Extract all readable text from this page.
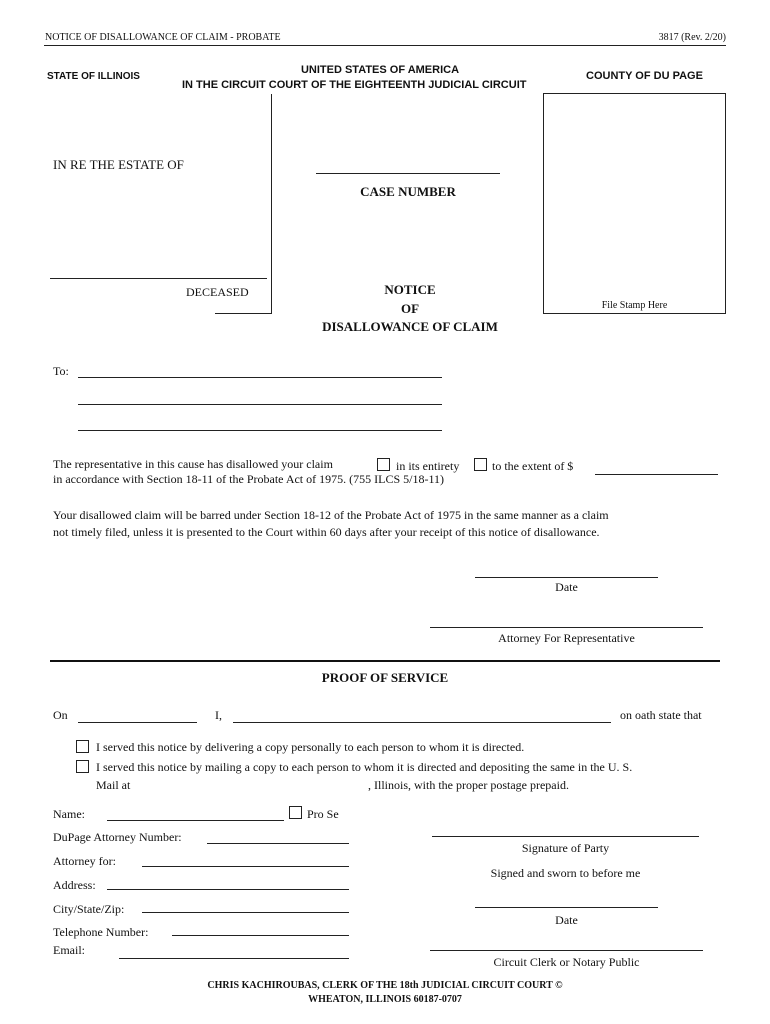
NOTICE OF DISALLOWANCE OF CLAIM - PROBATE	3817 (Rev. 2/20)
STATE OF ILLINOIS
UNITED STATES OF AMERICA
IN THE CIRCUIT COURT OF THE EIGHTEENTH JUDICIAL CIRCUIT
COUNTY OF DU PAGE
IN RE THE ESTATE OF
DECEASED
CASE NUMBER
File Stamp Here
NOTICE
OF
DISALLOWANCE OF CLAIM
To:
The representative in this cause has disallowed your claim	in its entirety	to the extent of $
in accordance with Section 18-11 of the Probate Act of 1975. (755 ILCS 5/18-11)
Your disallowed claim will be barred under Section 18-12 of the Probate Act of 1975 in the same manner as a claim
not timely filed, unless it is presented to the Court within 60 days after your receipt of this notice of disallowance.
Date
Attorney For Representative
PROOF OF SERVICE
On	I,	on oath state that
I served this notice by delivering a copy personally to each person to whom it is directed.
I served this notice by mailing a copy to each person to whom it is directed and depositing the same in the U. S.
Mail at	, Illinois, with the proper postage prepaid.
Name:	Pro Se
DuPage Attorney Number:
Attorney for:
Address:
City/State/Zip:
Telephone Number:
Email:
Signature of Party
Signed and sworn to before me
Date
Circuit Clerk or Notary Public
CHRIS KACHIROUBAS, CLERK OF THE 18th JUDICIAL CIRCUIT COURT ©
WHEATON, ILLINOIS 60187-0707
